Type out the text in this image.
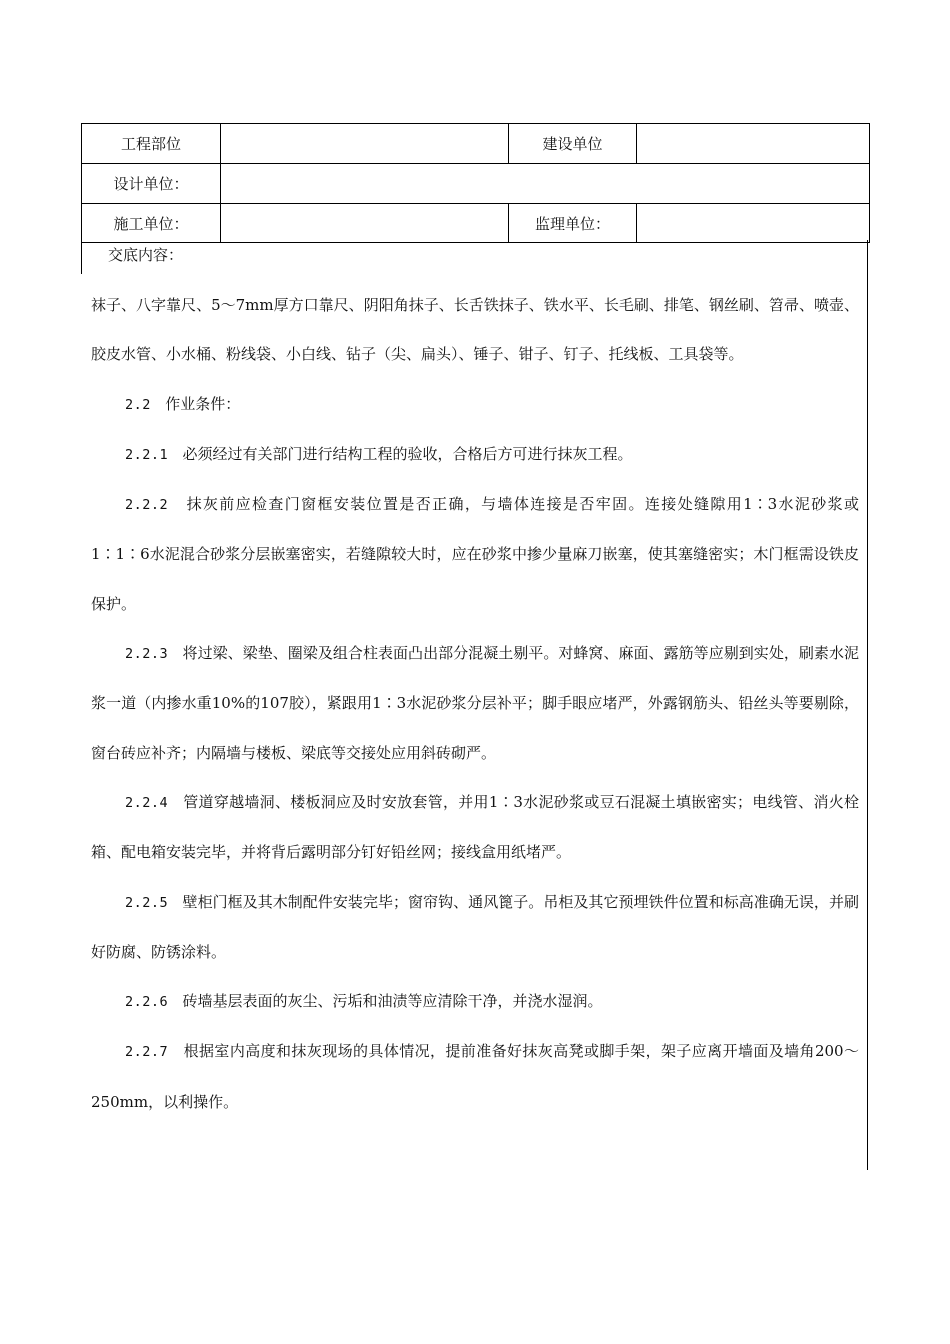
工程部位		建设单位	
设计单位：			
施工单位：		监理单位：	
交底内容：

袜子、八字靠尺、5～7mm厚方口靠尺、阴阳角抹子、长舌铁抹子、铁水平、长毛刷、排笔、钢丝刷、笤帚、喷壶、胶皮水管、小水桶、粉线袋、小白线、钻子（尖、扁头）、锤子、钳子、钉子、托线板、工具袋等。

2.2 作业条件：

2.2.1 必须经过有关部门进行结构工程的验收，合格后方可进行抹灰工程。

2.2.2 抹灰前应检查门窗框安装位置是否正确，与墙体连接是否牢固。连接处缝隙用1∶3水泥砂浆或1∶1∶6水泥混合砂浆分层嵌塞密实，若缝隙较大时，应在砂浆中掺少量麻刀嵌塞，使其塞缝密实；木门框需设铁皮保护。

2.2.3 将过梁、梁垫、圈梁及组合柱表面凸出部分混凝土剔平。对蜂窝、麻面、露筋等应剔到实处，刷素水泥浆一道（内掺水重10%的107胶），紧跟用1∶3水泥砂浆分层补平；脚手眼应堵严，外露钢筋头、铅丝头等要剔除，窗台砖应补齐；内隔墙与楼板、梁底等交接处应用斜砖砌严。

2.2.4 管道穿越墙洞、楼板洞应及时安放套管，并用1∶3水泥砂浆或豆石混凝土填嵌密实；电线管、消火栓箱、配电箱安装完毕，并将背后露明部分钉好铅丝网；接线盒用纸堵严。

2.2.5 壁柜门框及其木制配件安装完毕；窗帘钩、通风篦子。吊柜及其它预埋铁件位置和标高准确无误，并刷好防腐、防锈涂料。

2.2.6 砖墙基层表面的灰尘、污垢和油渍等应清除干净，并浇水湿润。

2.2.7 根据室内高度和抹灰现场的具体情况，提前准备好抹灰高凳或脚手架，架子应离开墙面及墙角200～250mm，以利操作。
